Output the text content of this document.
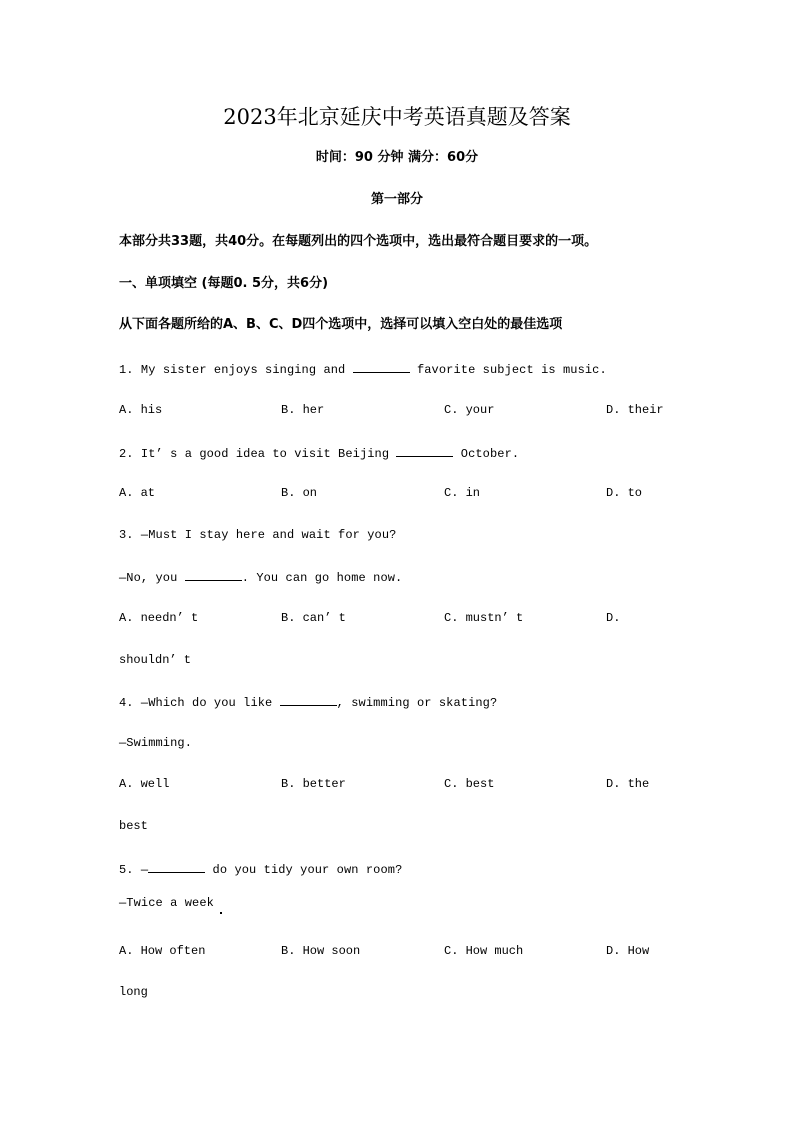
2023年北京延庆中考英语真题及答案
时间：90 分钟 满分：60分
第一部分
本部分共33题，共40分。在每题列出的四个选项中，选出最符合题目要求的一项。
一、单项填空 (每题0. 5分，共6分)
从下面各题所给的A、B、C、D四个选项中，选择可以填入空白处的最佳选项
1. My sister enjoys singing and	favorite subject is music.
A. his	B. her	C. your	D. their
2. It’ s a good idea to visit Beijing	October.
A. at	B. on	C. in	D. to
3. —Must I stay here and wait for you?
—No, you	. You can go home now.
A. needn’ t	B. can’ t	C. mustn’ t	D.
shouldn’ t
4. —Which do you like	, swimming or skating?
—Swimming.
A. well	B. better	C. best	D. the
best
5. —	do you tidy your own room?
—Twice a week
A. How often	B. How soon	C. How much	D. How
long
